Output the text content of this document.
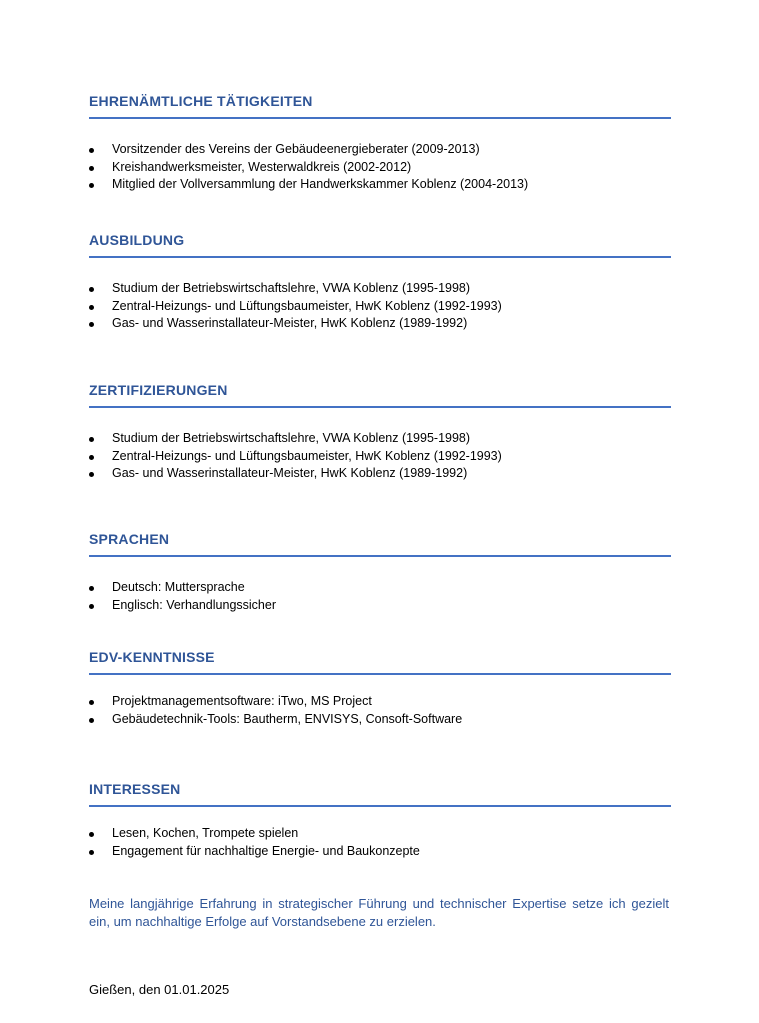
EHRENÄMTLICHE TÄTIGKEITEN
Vorsitzender des Vereins der Gebäudeenergieberater (2009-2013)
Kreishandwerksmeister, Westerwaldkreis (2002-2012)
Mitglied der Vollversammlung der Handwerkskammer Koblenz (2004-2013)
AUSBILDUNG
Studium der Betriebswirtschaftslehre, VWA Koblenz (1995-1998)
Zentral-Heizungs- und Lüftungsbaumeister, HwK Koblenz (1992-1993)
Gas- und Wasserinstallateur-Meister, HwK Koblenz (1989-1992)
ZERTIFIZIERUNGEN
Studium der Betriebswirtschaftslehre, VWA Koblenz (1995-1998)
Zentral-Heizungs- und Lüftungsbaumeister, HwK Koblenz (1992-1993)
Gas- und Wasserinstallateur-Meister, HwK Koblenz (1989-1992)
SPRACHEN
Deutsch: Muttersprache
Englisch: Verhandlungssicher
EDV-KENNTNISSE
Projektmanagementsoftware: iTwo, MS Project
Gebäudetechnik-Tools: Bautherm, ENVISYS, Consoft-Software
INTERESSEN
Lesen, Kochen, Trompete spielen
Engagement für nachhaltige Energie- und Baukonzepte

Meine langjährige Erfahrung in strategischer Führung und technischer Expertise setze ich gezielt ein, um nachhaltige Erfolge auf Vorstandsebene zu erzielen.

Gießen, den 01.01.2025
